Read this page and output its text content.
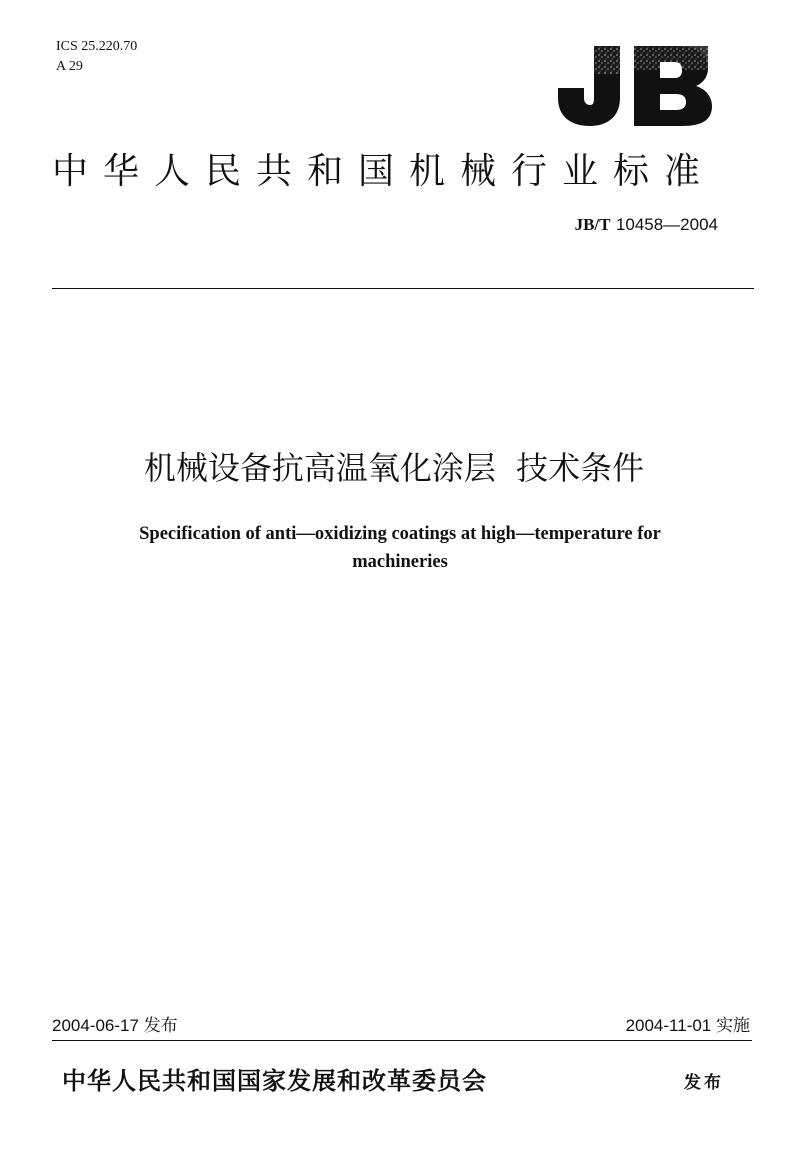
ICS 25.220.70
A 29
中华人民共和国机械行业标准
JB/T 10458—2004
机械设备抗高温氧化涂层  技术条件
Specification of anti—oxidizing coatings at high—temperature for machineries
2004-06-17 发布	2004-11-01 实施
中华人民共和国国家发展和改革委员会	发布
